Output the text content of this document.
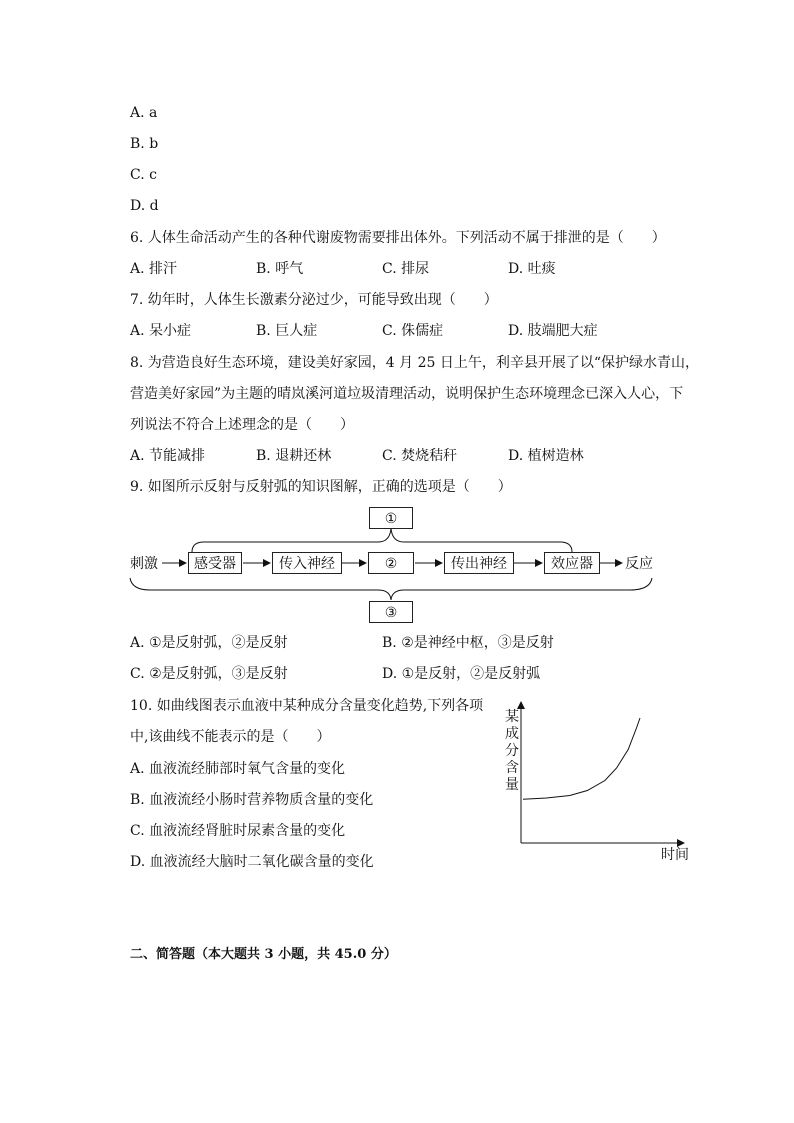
A. a
B. b
C. c
D. d
6. 人体生命活动产生的各种代谢废物需要排出体外。下列活动不属于排泄的是（　　）
A. 排汗	B. 呼气	C. 排尿	D. 吐痰
7. 幼年时，人体生长激素分泌过少，可能导致出现（　　）
A. 呆小症	B. 巨人症	C. 侏儒症	D. 肢端肥大症
8. 为营造良好生态环境，建设美好家园，4 月 25 日上午，利辛县开展了以“保护绿水青山，
营造美好家园”为主题的晴岚溪河道垃圾清理活动，说明保护生态环境理念已深入人心，下
列说法不符合上述理念的是（　　）
A. 节能减排	B. 退耕还林	C. 焚烧秸秆	D. 植树造林
9. 如图所示反射与反射弧的知识图解，正确的选项是（　　）
刺激	感受器	传入神经	②	传出神经	效应器	反应
①
③
A. ①是反射弧，②是反射	B. ②是神经中枢，③是反射
C. ②是反射弧，③是反射	D. ①是反射，②是反射弧
10. 如曲线图表示血液中某种成分含量变化趋势,下列各项
中,该曲线不能表示的是（　　）
A. 血液流经肺部时氧气含量的变化
B. 血液流经小肠时营养物质含量的变化
C. 血液流经肾脏时尿素含量的变化
D. 血液流经大脑时二氧化碳含量的变化
某
成
分
含
量
时间
二、简答题（本大题共 3 小题，共 45.0 分）
